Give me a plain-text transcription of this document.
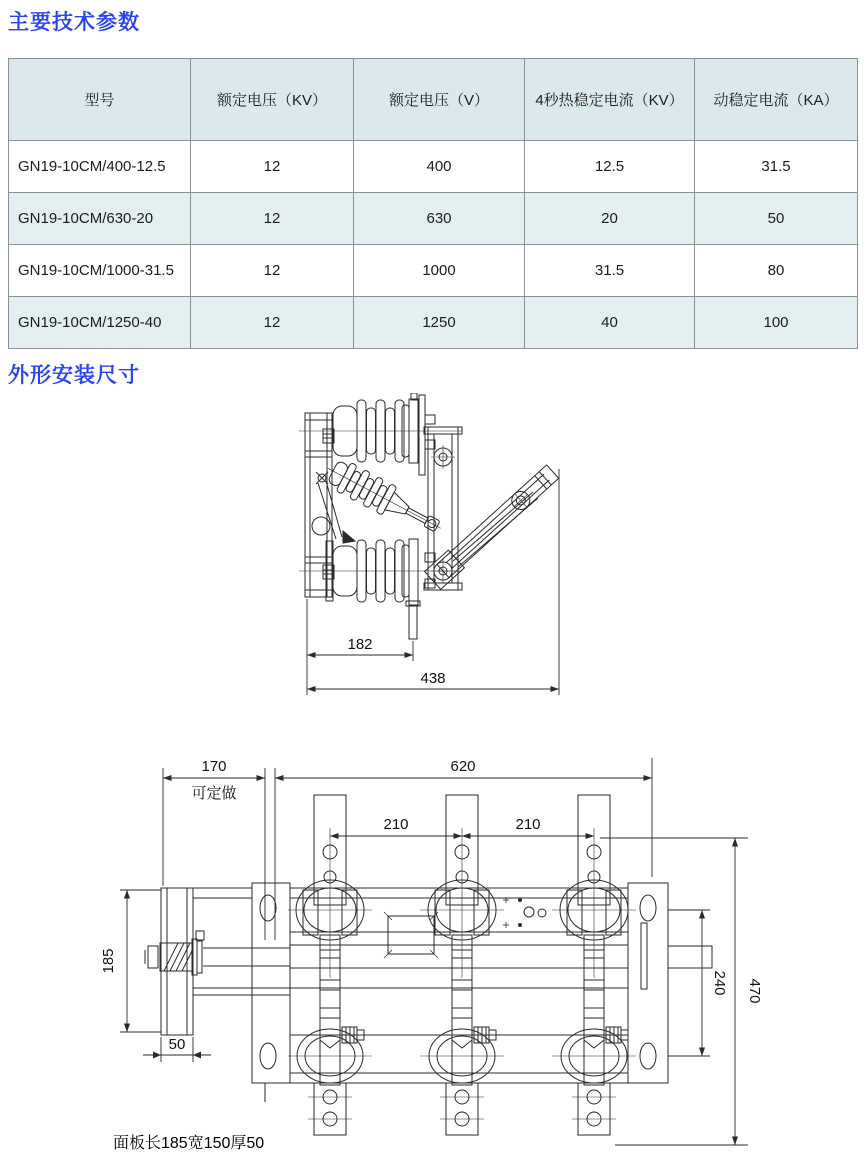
主要技术参数
型号	额定电压（KV）	额定电压（V）	4秒热稳定电流（KV）	动稳定电流（KA）
GN19-10CM/400-12.5	12	400	12.5	31.5
GN19-10CM/630-20	12	630	20	50
GN19-10CM/1000-31.5	12	1000	31.5	80
GN19-10CM/1250-40	12	1250	40	100
外形安装尺寸
182
438
170
可定做
620
210	210
185
50
240 470
面板长185宽150厚50
